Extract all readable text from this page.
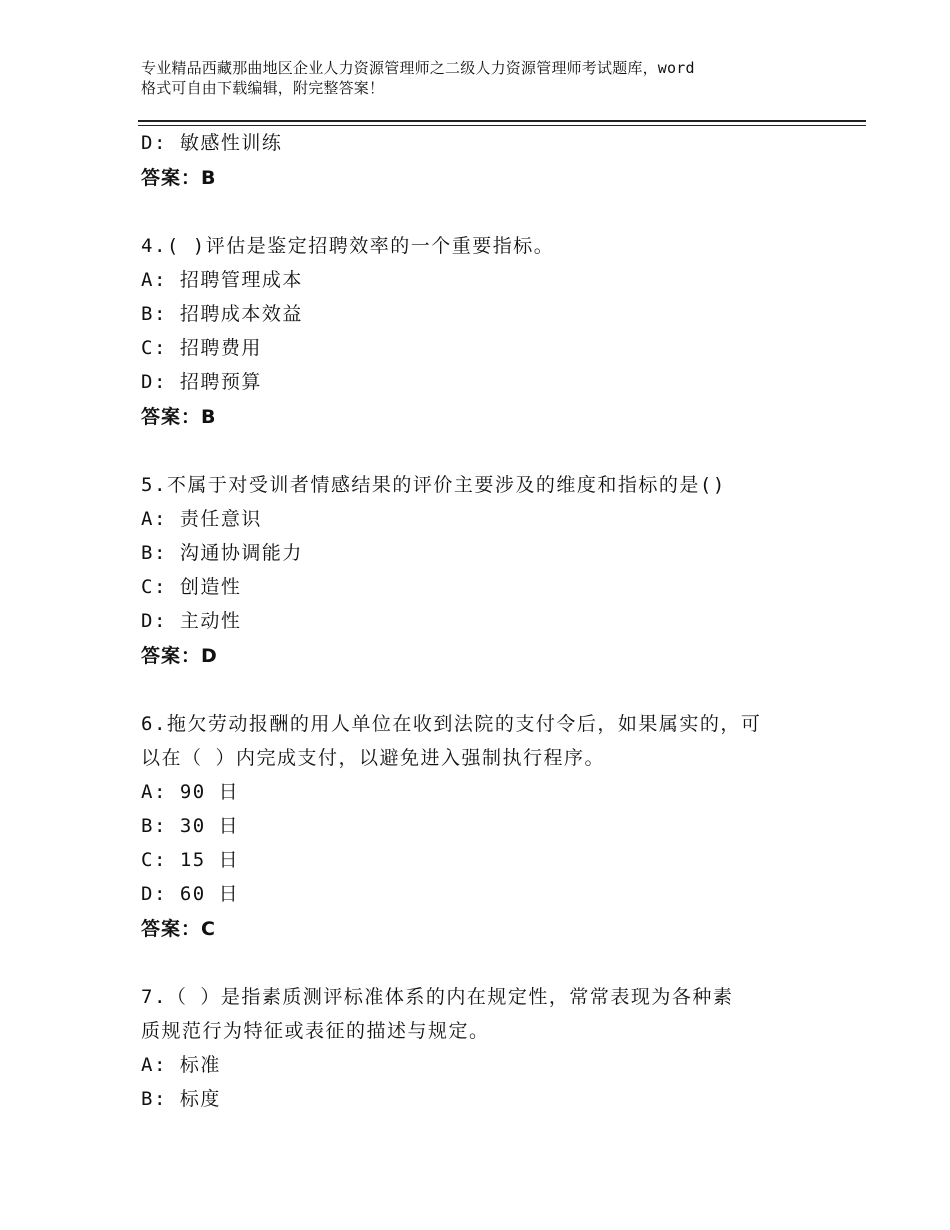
专业精品西藏那曲地区企业人力资源管理师之二级人力资源管理师考试题库，word
格式可自由下载编辑，附完整答案！
D: 敏感性训练
答案：B
4.( )评估是鉴定招聘效率的一个重要指标。
A: 招聘管理成本
B: 招聘成本效益
C: 招聘费用
D: 招聘预算
答案：B
5.不属于对受训者情感结果的评价主要涉及的维度和指标的是()
A: 责任意识
B: 沟通协调能力
C: 创造性
D: 主动性
答案：D
6.拖欠劳动报酬的用人单位在收到法院的支付令后，如果属实的，可
以在（ ）内完成支付，以避免进入强制执行程序。
A: 90 日
B: 30 日
C: 15 日
D: 60 日
答案：C
7.（ ）是指素质测评标准体系的内在规定性，常常表现为各种素
质规范行为特征或表征的描述与规定。
A: 标准
B: 标度
